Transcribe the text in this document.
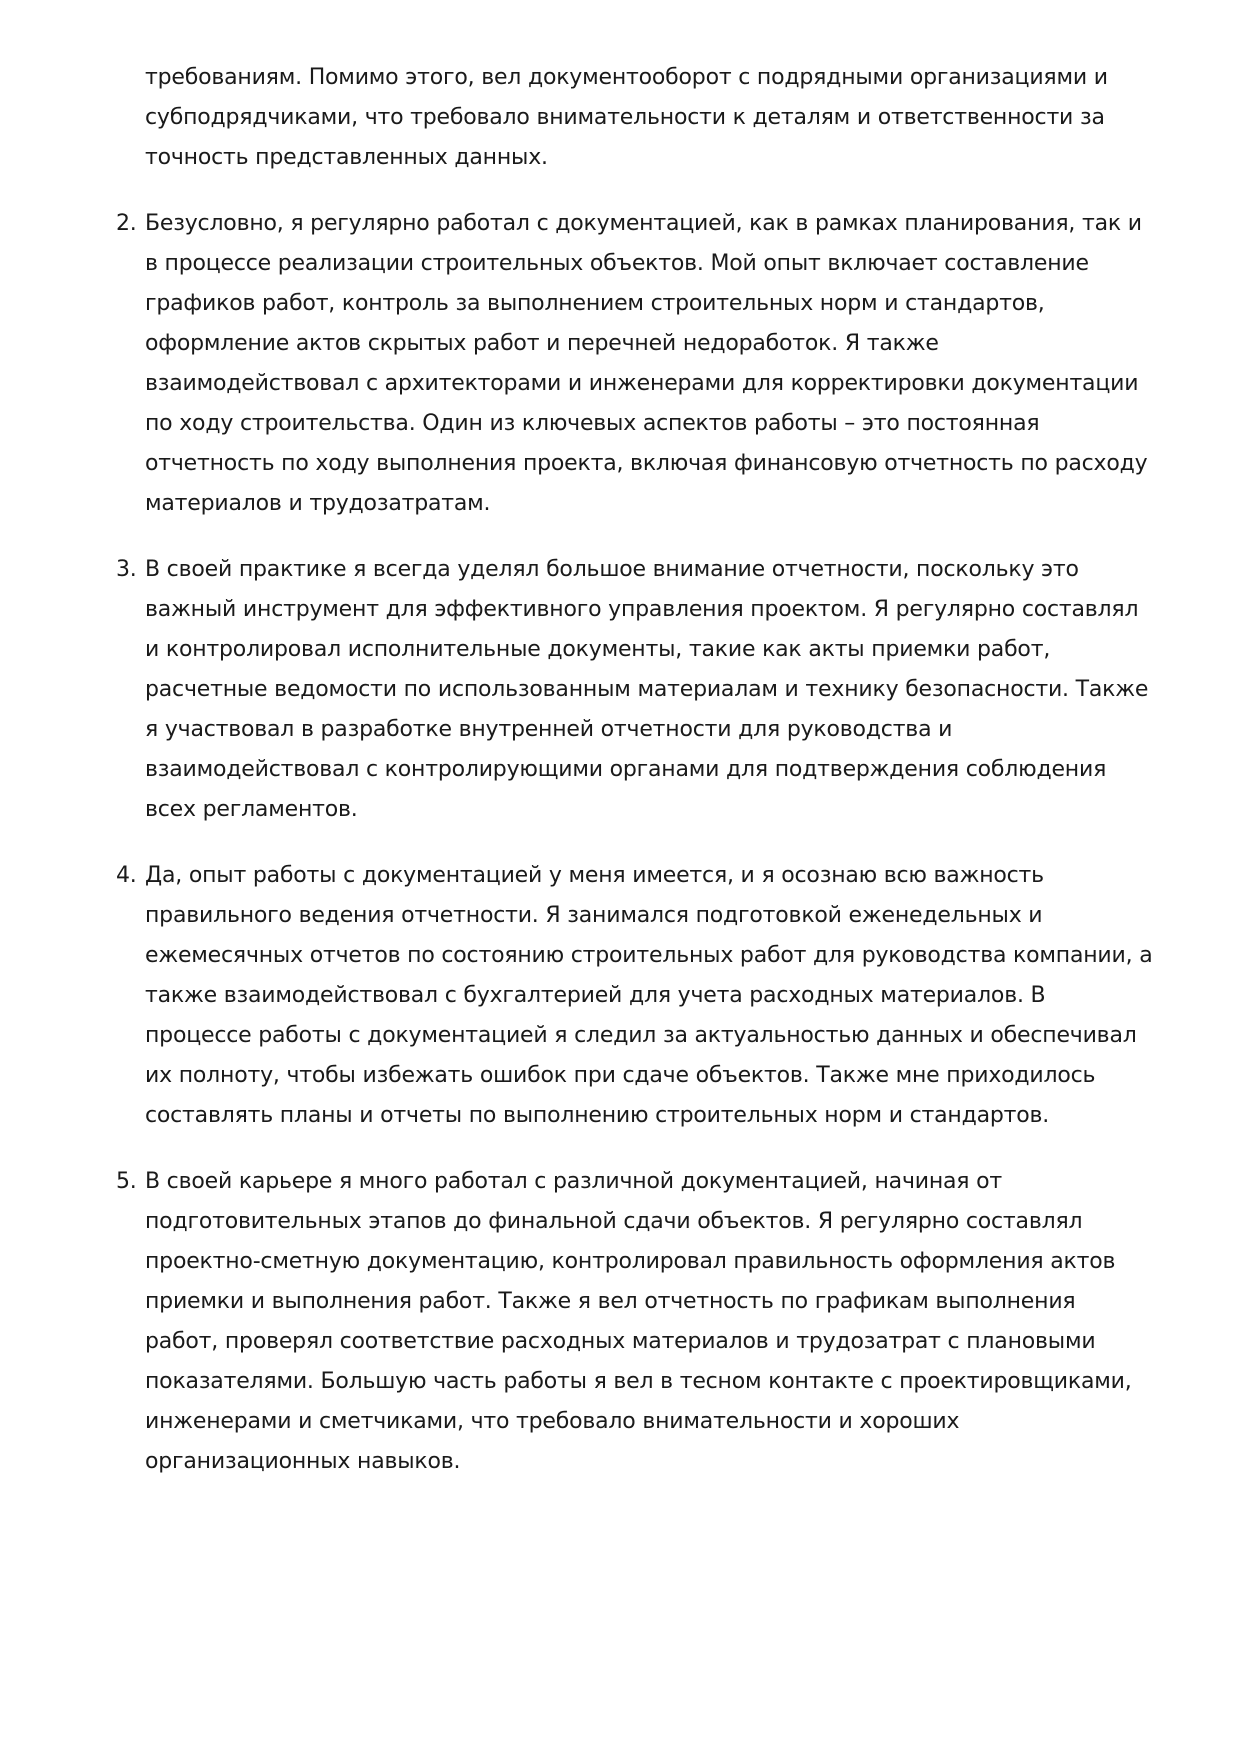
требованиям. Помимо этого, вел документооборот с подрядными организациями и субподрядчиками, что требовало внимательности к деталям и ответственности за точность представленных данных.

2. Безусловно, я регулярно работал с документацией, как в рамках планирования, так и в процессе реализации строительных объектов. Мой опыт включает составление графиков работ, контроль за выполнением строительных норм и стандартов, оформление актов скрытых работ и перечней недоработок. Я также взаимодействовал с архитекторами и инженерами для корректировки документации по ходу строительства. Один из ключевых аспектов работы – это постоянная отчетность по ходу выполнения проекта, включая финансовую отчетность по расходу материалов и трудозатратам.
3. В своей практике я всегда уделял большое внимание отчетности, поскольку это важный инструмент для эффективного управления проектом. Я регулярно составлял и контролировал исполнительные документы, такие как акты приемки работ, расчетные ведомости по использованным материалам и технику безопасности. Также я участвовал в разработке внутренней отчетности для руководства и взаимодействовал с контролирующими органами для подтверждения соблюдения всех регламентов.
4. Да, опыт работы с документацией у меня имеется, и я осознаю всю важность правильного ведения отчетности. Я занимался подготовкой еженедельных и ежемесячных отчетов по состоянию строительных работ для руководства компании, а также взаимодействовал с бухгалтерией для учета расходных материалов. В процессе работы с документацией я следил за актуальностью данных и обеспечивал их полноту, чтобы избежать ошибок при сдаче объектов. Также мне приходилось составлять планы и отчеты по выполнению строительных норм и стандартов.
5. В своей карьере я много работал с различной документацией, начиная от подготовительных этапов до финальной сдачи объектов. Я регулярно составлял проектно-сметную документацию, контролировал правильность оформления актов приемки и выполнения работ. Также я вел отчетность по графикам выполнения работ, проверял соответствие расходных материалов и трудозатрат с плановыми показателями. Большую часть работы я вел в тесном контакте с проектировщиками, инженерами и сметчиками, что требовало внимательности и хороших организационных навыков.
